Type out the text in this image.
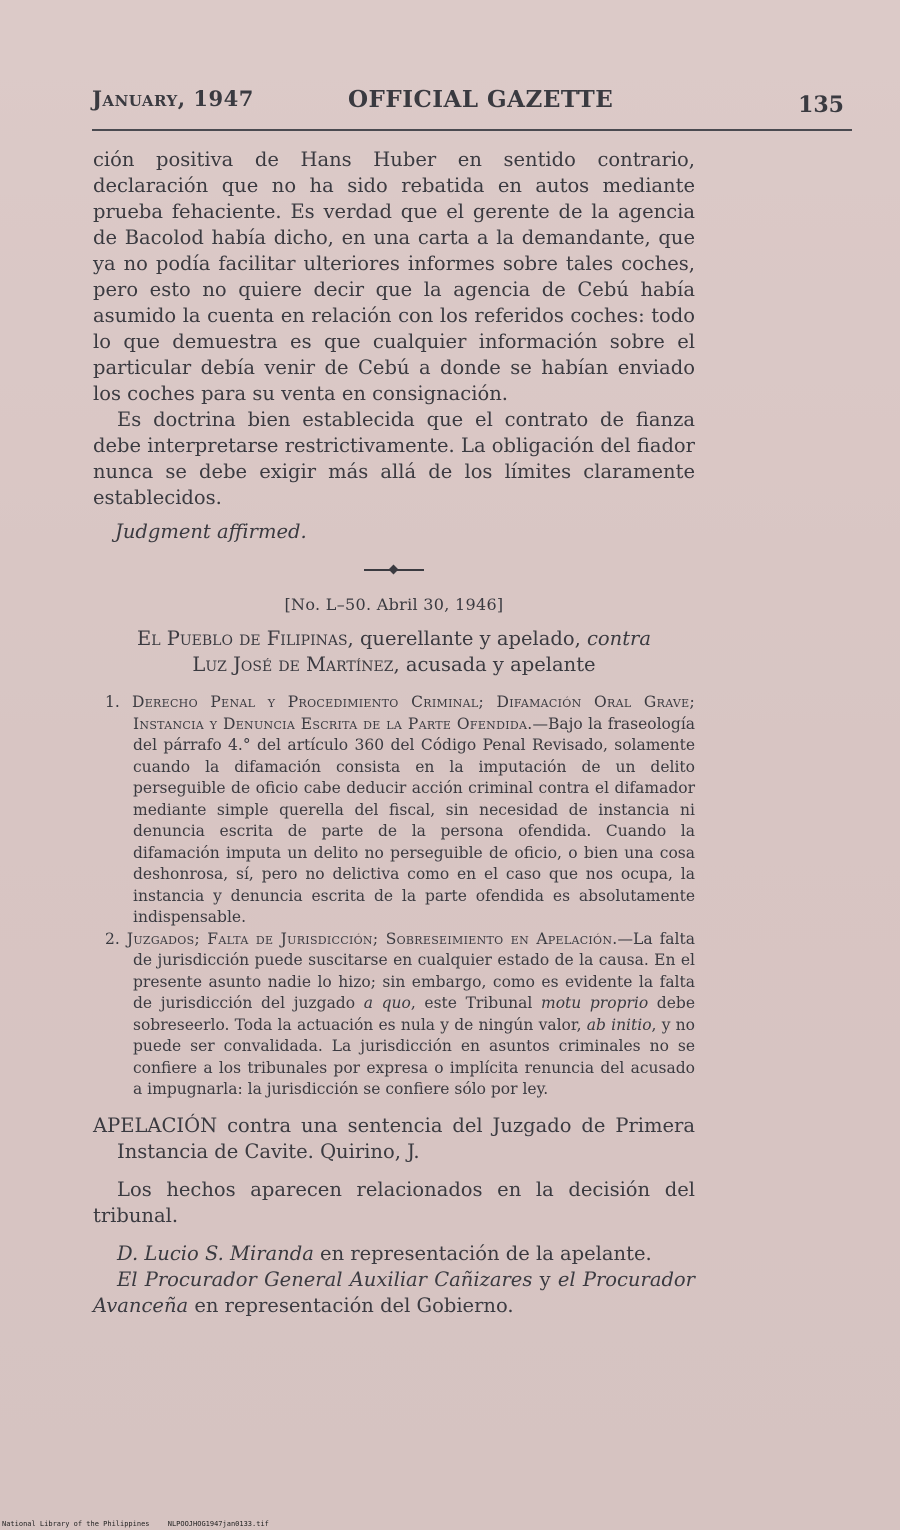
January, 1947	OFFICIAL GAZETTE	135

ción positiva de Hans Huber en sentido contrario, declaración que no ha sido rebatida en autos mediante prueba fehaciente. Es verdad que el gerente de la agencia de Bacolod había dicho, en una carta a la demandante, que ya no podía facilitar ulteriores informes sobre tales coches, pero esto no quiere decir que la agencia de Cebú había asumido la cuenta en relación con los referidos coches: todo lo que demuestra es que cualquier información sobre el particular debía venir de Cebú a donde se habían enviado los coches para su venta en consignación.

Es doctrina bien establecida que el contrato de fianza debe interpretarse restrictivamente. La obligación del fiador nunca se debe exigir más allá de los límites claramente establecidos.

Judgment affirmed.

[No. L–50. Abril 30, 1946]
El Pueblo de Filipinas, querellante y apelado, contra
Luz José de Martínez, acusada y apelante

1. Derecho Penal y Procedimiento Criminal; Difamación Oral Grave; Instancia y Denuncia Escrita de la Parte Ofendida.—Bajo la fraseología del párrafo 4.° del artículo 360 del Código Penal Revisado, solamente cuando la difamación consista en la imputación de un delito perseguible de oficio cabe deducir acción criminal contra el difamador mediante simple querella del fiscal, sin necesidad de instancia ni denuncia escrita de parte de la persona ofendida. Cuando la difamación imputa un delito no perseguible de oficio, o bien una cosa deshonrosa, sí, pero no delictiva como en el caso que nos ocupa, la instancia y denuncia escrita de la parte ofendida es absolutamente indispensable.

2. Juzgados; Falta de Jurisdicción; Sobreseimiento en Apelación.—La falta de jurisdicción puede suscitarse en cualquier estado de la causa. En el presente asunto nadie lo hizo; sin embargo, como es evidente la falta de jurisdicción del juzgado a quo, este Tribunal motu proprio debe sobreseerlo. Toda la actuación es nula y de ningún valor, ab initio, y no puede ser convalidada. La jurisdicción en asuntos criminales no se confiere a los tribunales por expresa o implícita renuncia del acusado a impugnarla: la jurisdicción se confiere sólo por ley.

APELACIÓN contra una sentencia del Juzgado de Primera Instancia de Cavite. Quirino, J.

Los hechos aparecen relacionados en la decisión del tribunal.

D. Lucio S. Miranda en representación de la apelante.

El Procurador General Auxiliar Cañizares y el Procurador Avanceña en representación del Gobierno.

National Library of the Philippines	NLPOOJHOG1947jan0133.tif
